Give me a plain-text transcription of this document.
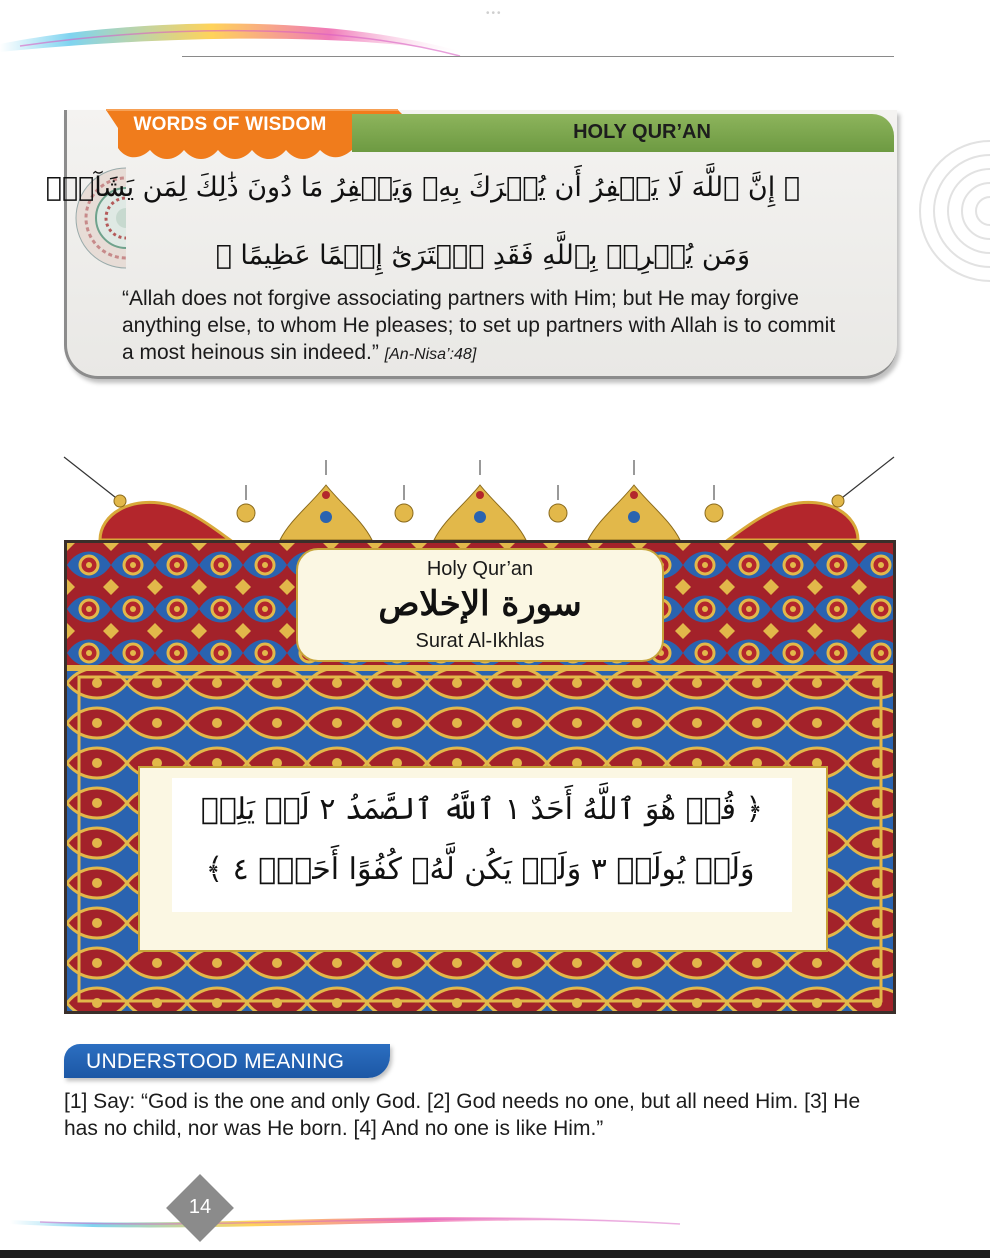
•••
WORDS OF WISDOM	HOLY QUR’AN
﴿ إِنَّ ٱللَّهَ لَا يَغۡفِرُ أَن يُشۡرَكَ بِهِۦ وَيَغۡفِرُ مَا دُونَ ذَٰلِكَ لِمَن يَشَآءُۚ
وَمَن يُشۡرِكۡ بِٱللَّهِ فَقَدِ ٱفۡتَرَىٰٓ إِثۡمًا عَظِيمًا ﴾
“Allah does not forgive associating partners with Him; but He may forgive anything else, to whom He pleases; to set up partners with Allah is to commit a most heinous sin indeed.” [An-Nisa’:48]
Holy Qur’an
سورة الإخلاص
Surat Al-Ikhlas
﴿ قُلۡ هُوَ ٱللَّهُ أَحَدٌ ١ ٱللَّهُ ٱلصَّمَدُ ٢ لَمۡ يَلِدۡ
وَلَمۡ يُولَدۡ ٣ وَلَمۡ يَكُن لَّهُۥ كُفُوًا أَحَدُۢ ٤ ﴾
UNDERSTOOD MEANING
[1] Say: “God is the one and only God. [2] God needs no one, but all need Him. [3] He has no child, nor was He born. [4] And no one is like Him.”
14
